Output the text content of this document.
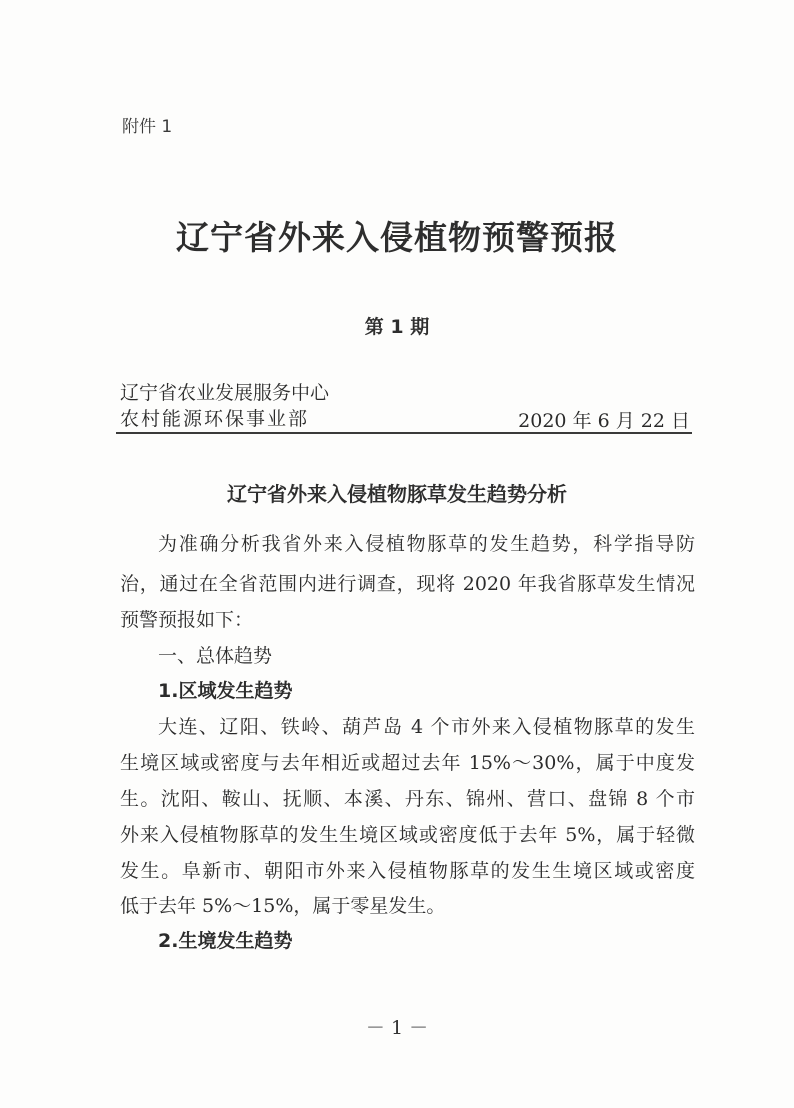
附件 1
辽宁省外来入侵植物预警预报
第 1 期
辽宁省农业发展服务中心
农村能源环保事业部	2020 年 6 月 22 日
辽宁省外来入侵植物豚草发生趋势分析
为准确分析我省外来入侵植物豚草的发生趋势，科学指导防
治，通过在全省范围内进行调查，现将 2020 年我省豚草发生情况
预警预报如下：
一、总体趋势
1.区域发生趋势
大连、辽阳、铁岭、葫芦岛 4 个市外来入侵植物豚草的发生
生境区域或密度与去年相近或超过去年 15%～30%，属于中度发
生。沈阳、鞍山、抚顺、本溪、丹东、锦州、营口、盘锦 8 个市
外来入侵植物豚草的发生生境区域或密度低于去年 5%，属于轻微
发生。阜新市、朝阳市外来入侵植物豚草的发生生境区域或密度
低于去年 5%～15%，属于零星发生。
2.生境发生趋势
－ 1 －
